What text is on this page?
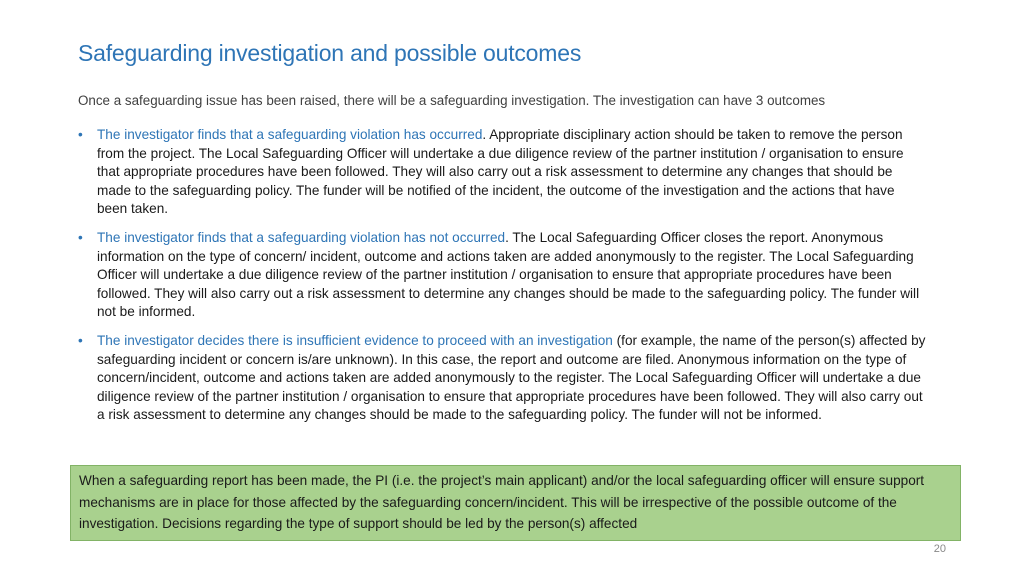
Safeguarding investigation and possible outcomes
Once a safeguarding issue has been raised, there will be a safeguarding investigation. The investigation can have 3 outcomes
• The investigator finds that a safeguarding violation has occurred. Appropriate disciplinary action should be taken to remove the person from the project. The Local Safeguarding Officer will undertake a due diligence review of the partner institution / organisation to ensure that appropriate procedures have been followed. They will also carry out a risk assessment to determine any changes that should be made to the safeguarding policy. The funder will be notified of the incident, the outcome of the investigation and the actions that have been taken.
• The investigator finds that a safeguarding violation has not occurred. The Local Safeguarding Officer closes the report. Anonymous information on the type of concern/ incident, outcome and actions taken are added anonymously to the register. The Local Safeguarding Officer will undertake a due diligence review of the partner institution / organisation to ensure that appropriate procedures have been followed. They will also carry out a risk assessment to determine any changes should be made to the safeguarding policy. The funder will not be informed.
• The investigator decides there is insufficient evidence to proceed with an investigation (for example, the name of the person(s) affected by safeguarding incident or concern is/are unknown). In this case, the report and outcome are filed. Anonymous information on the type of concern/incident, outcome and actions taken are added anonymously to the register. The Local Safeguarding Officer will undertake a due diligence review of the partner institution / organisation to ensure that appropriate procedures have been followed. They will also carry out a risk assessment to determine any changes should be made to the safeguarding policy. The funder will not be informed.
When a safeguarding report has been made, the PI (i.e. the project’s main applicant) and/or the local safeguarding officer will ensure support mechanisms are in place for those affected by the safeguarding concern/incident. This will be irrespective of the possible outcome of the investigation. Decisions regarding the type of support should be led by the person(s) affected
20
